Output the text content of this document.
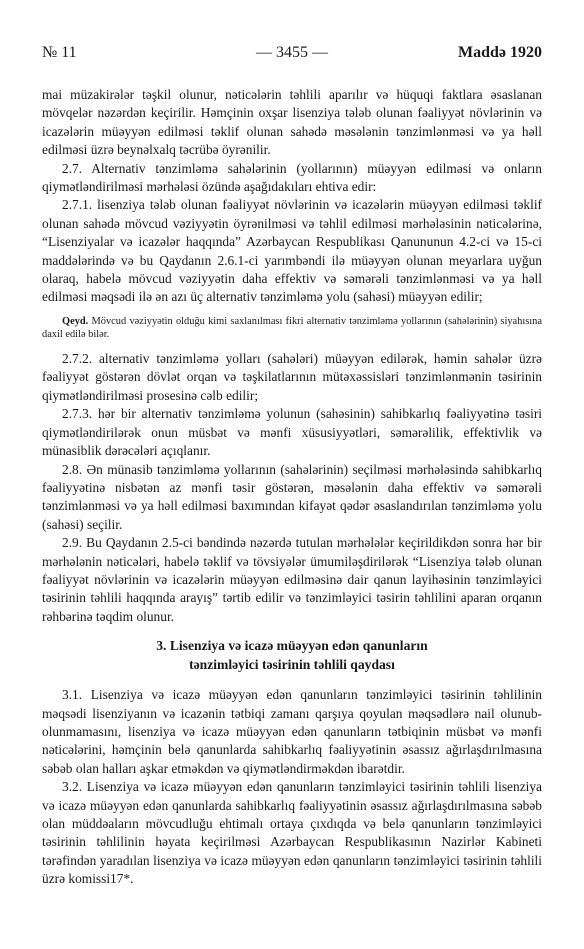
№ 11	— 3455 —	Maddə 1920

mai müzakirələr təşkil olunur, nəticələrin təhlili aparılır və hüquqi faktlara əsaslanan mövqelər nəzərdən keçirilir. Həmçinin oxşar lisenziya tələb olunan fəaliyyət növlərinin və icazələrin müəyyən edilməsi təklif olunan sahədə məsələnin tənzimlənməsi və ya həll edilməsi üzrə beynəlxalq təcrübə öyrənilir.

2.7. Alternativ tənzimləmə sahələrinin (yollarının) müəyyən edilməsi və onların qiymətləndirilməsi mərhələsi özündə aşağıdakıları ehtiva edir:

2.7.1. lisenziya tələb olunan fəaliyyət növlərinin və icazələrin müəyyən edilməsi təklif olunan sahədə mövcud vəziyyətin öyrənilməsi və təhlil edilməsi mərhələsinin nəticələrinə, “Lisenziyalar və icazələr haqqında” Azərbaycan Respublikası Qanununun 4.2-ci və 15-ci maddələrində və bu Qaydanın 2.6.1-ci yarımbəndi ilə müəyyən olunan meyarlara uyğun olaraq, habelə mövcud vəziyyətin daha effektiv və səmərəli tənzimlənməsi və ya həll edilməsi məqsədi ilə ən azı üç alternativ tənzimləmə yolu (sahəsi) müəyyən edilir;

Qeyd. Mövcud vəziyyətin olduğu kimi saxlanılması fikri alternativ tənzimləmə yollarının (sahələrinin) siyahısına daxil edilə bilər.

2.7.2. alternativ tənzimləmə yolları (sahələri) müəyyən edilərək, həmin sahələr üzrə fəaliyyət göstərən dövlət orqan və təşkilatlarının mütəxəssisləri tənzimlənmənin təsirinin qiymətləndirilməsi prosesinə cəlb edilir;

2.7.3. hər bir alternativ tənzimləmə yolunun (sahəsinin) sahibkarlıq fəaliyyətinə təsiri qiymətləndirilərək onun müsbət və mənfi xüsusiyyətləri, səmərəlilik, effektivlik və münasiblik dərəcələri açıqlanır.

2.8. Ən münasib tənzimləmə yollarının (sahələrinin) seçilməsi mərhələsində sahibkarlıq fəaliyyətinə nisbətən az mənfi təsir göstərən, məsələnin daha effektiv və səmərəli tənzimlənməsi və ya həll edilməsi baxımından kifayət qədər əsaslandırılan tənzimləmə yolu (sahəsi) seçilir.

2.9. Bu Qaydanın 2.5-ci bəndində nəzərdə tutulan mərhələlər keçirildikdən sonra hər bir mərhələnin nəticələri, habelə təklif və tövsiyələr ümumiləşdirilərək “Lisenziya tələb olunan fəaliyyət növlərinin və icazələrin müəyyən edilməsinə dair qanun layihəsinin tənzimləyici təsirinin təhlili haqqında arayış” tərtib edilir və tənzimləyici təsirin təhlilini aparan orqanın rəhbərinə təqdim olunur.

3. Lisenziya və icazə müəyyən edən qanunların
tənzimləyici təsirinin təhlili qaydası

3.1. Lisenziya və icazə müəyyən edən qanunların tənzimləyici təsirinin təhlilinin məqsədi lisenziyanın və icazənin tətbiqi zamanı qarşıya qoyulan məqsədlərə nail olunub-olunmamasını, lisenziya və icazə müəyyən edən qanunların tətbiqinin müsbət və mənfi nəticələrini, həmçinin belə qanunlarda sahibkarlıq fəaliyyətinin əsassız ağırlaşdırılmasına səbəb olan halları aşkar etməkdən və qiymətləndirməkdən ibarətdir.

3.2. Lisenziya və icazə müəyyən edən qanunların tənzimləyici təsirinin təhlili lisenziya və icazə müəyyən edən qanunlarda sahibkarlıq fəaliyyətinin əsassız ağırlaşdırılmasına səbəb olan müddəaların mövcudluğu ehtimalı ortaya çıxdıqda və belə qanunların tənzimləyici təsirinin təhlilinin həyata keçirilməsi Azərbaycan Respublikasının Nazirlər Kabineti tərəfindən yaradılan lisenziya və icazə müəyyən edən qanunların tənzimləyici təsirinin təhlili üzrə komissi17*.
